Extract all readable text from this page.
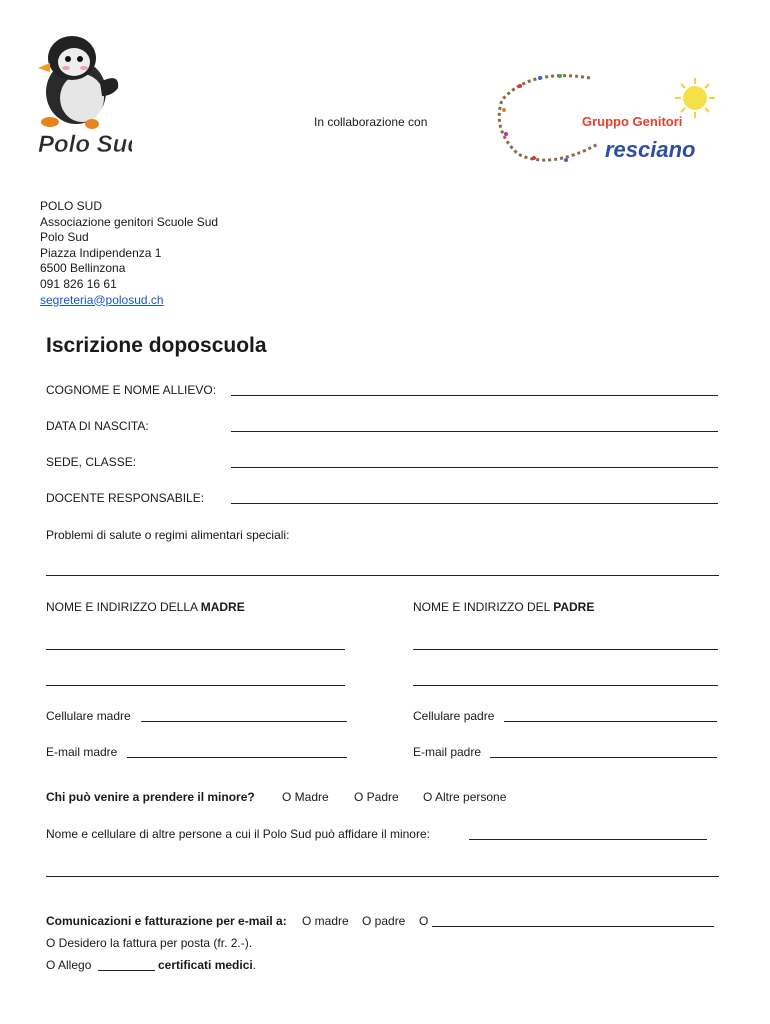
Polo Sud
In collaborazione con	Gruppo Genitori
resciano
POLO SUD
Associazione genitori Scuole Sud
Polo Sud
Piazza Indipendenza 1
6500 Bellinzona
091 826 16 61
segreteria@polosud.ch
Iscrizione doposcuola
COGNOME E NOME ALLIEVO:
DATA DI NASCITA:
SEDE, CLASSE:
DOCENTE RESPONSABILE:
Problemi di salute o regimi alimentari speciali:
NOME E INDIRIZZO DELLA MADRE	NOME E INDIRIZZO DEL PADRE
Cellulare madre	Cellulare padre
E-mail madre	E-mail padre
Chi può venire a prendere il minore? O Madre O Padre O Altre persone
Nome e cellulare di altre persone a cui il Polo Sud può affidare il minore:
Comunicazioni e fatturazione per e-mail a: O madre O padre O
O Desidero la fattura per posta (fr. 2.-).
O Allego	certificati medici.
